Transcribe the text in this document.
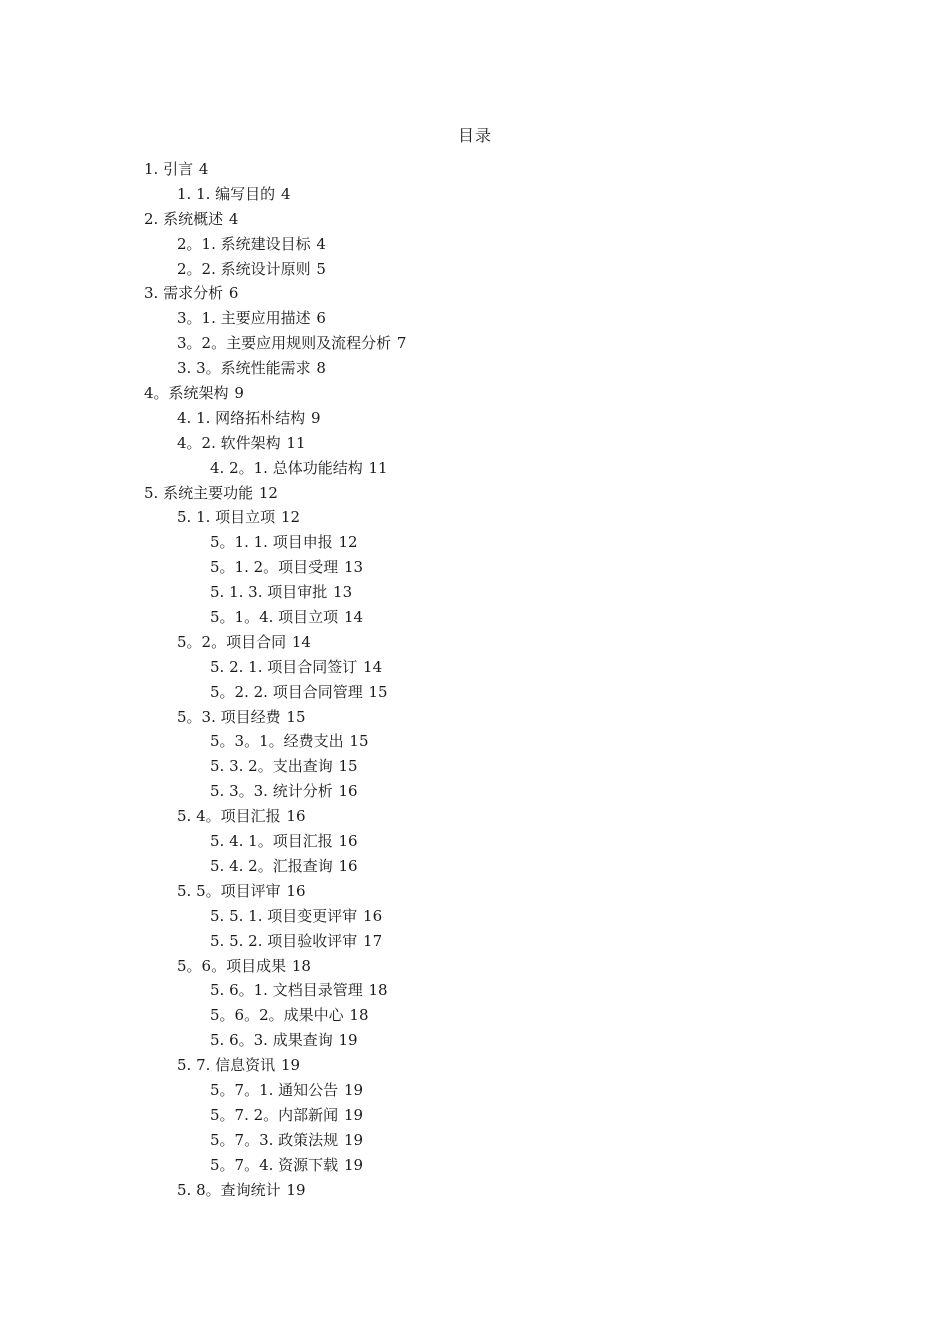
目录
1. 引言 4
1. 1. 编写目的 4
2. 系统概述 4
2。1. 系统建设目标 4
2。2. 系统设计原则 5
3. 需求分析 6
3。1. 主要应用描述 6
3。2。主要应用规则及流程分析 7
3. 3。系统性能需求 8
4。系统架构 9
4. 1. 网络拓朴结构 9
4。2. 软件架构 11
4. 2。1. 总体功能结构 11
5. 系统主要功能 12
5. 1. 项目立项 12
5。1. 1. 项目申报 12
5。1. 2。项目受理 13
5. 1. 3. 项目审批 13
5。1。4. 项目立项 14
5。2。项目合同 14
5. 2. 1. 项目合同签订 14
5。2. 2. 项目合同管理 15
5。3. 项目经费 15
5。3。1。经费支出 15
5. 3. 2。支出查询 15
5. 3。3. 统计分析 16
5. 4。项目汇报 16
5. 4. 1。项目汇报 16
5. 4. 2。汇报查询 16
5. 5。项目评审 16
5. 5. 1. 项目变更评审 16
5. 5. 2. 项目验收评审 17
5。6。项目成果 18
5. 6。1. 文档目录管理 18
5。6。2。成果中心 18
5. 6。3. 成果查询 19
5. 7. 信息资讯 19
5。7。1. 通知公告 19
5。7. 2。内部新闻 19
5。7。3. 政策法规 19
5。7。4. 资源下载 19
5. 8。查询统计 19
